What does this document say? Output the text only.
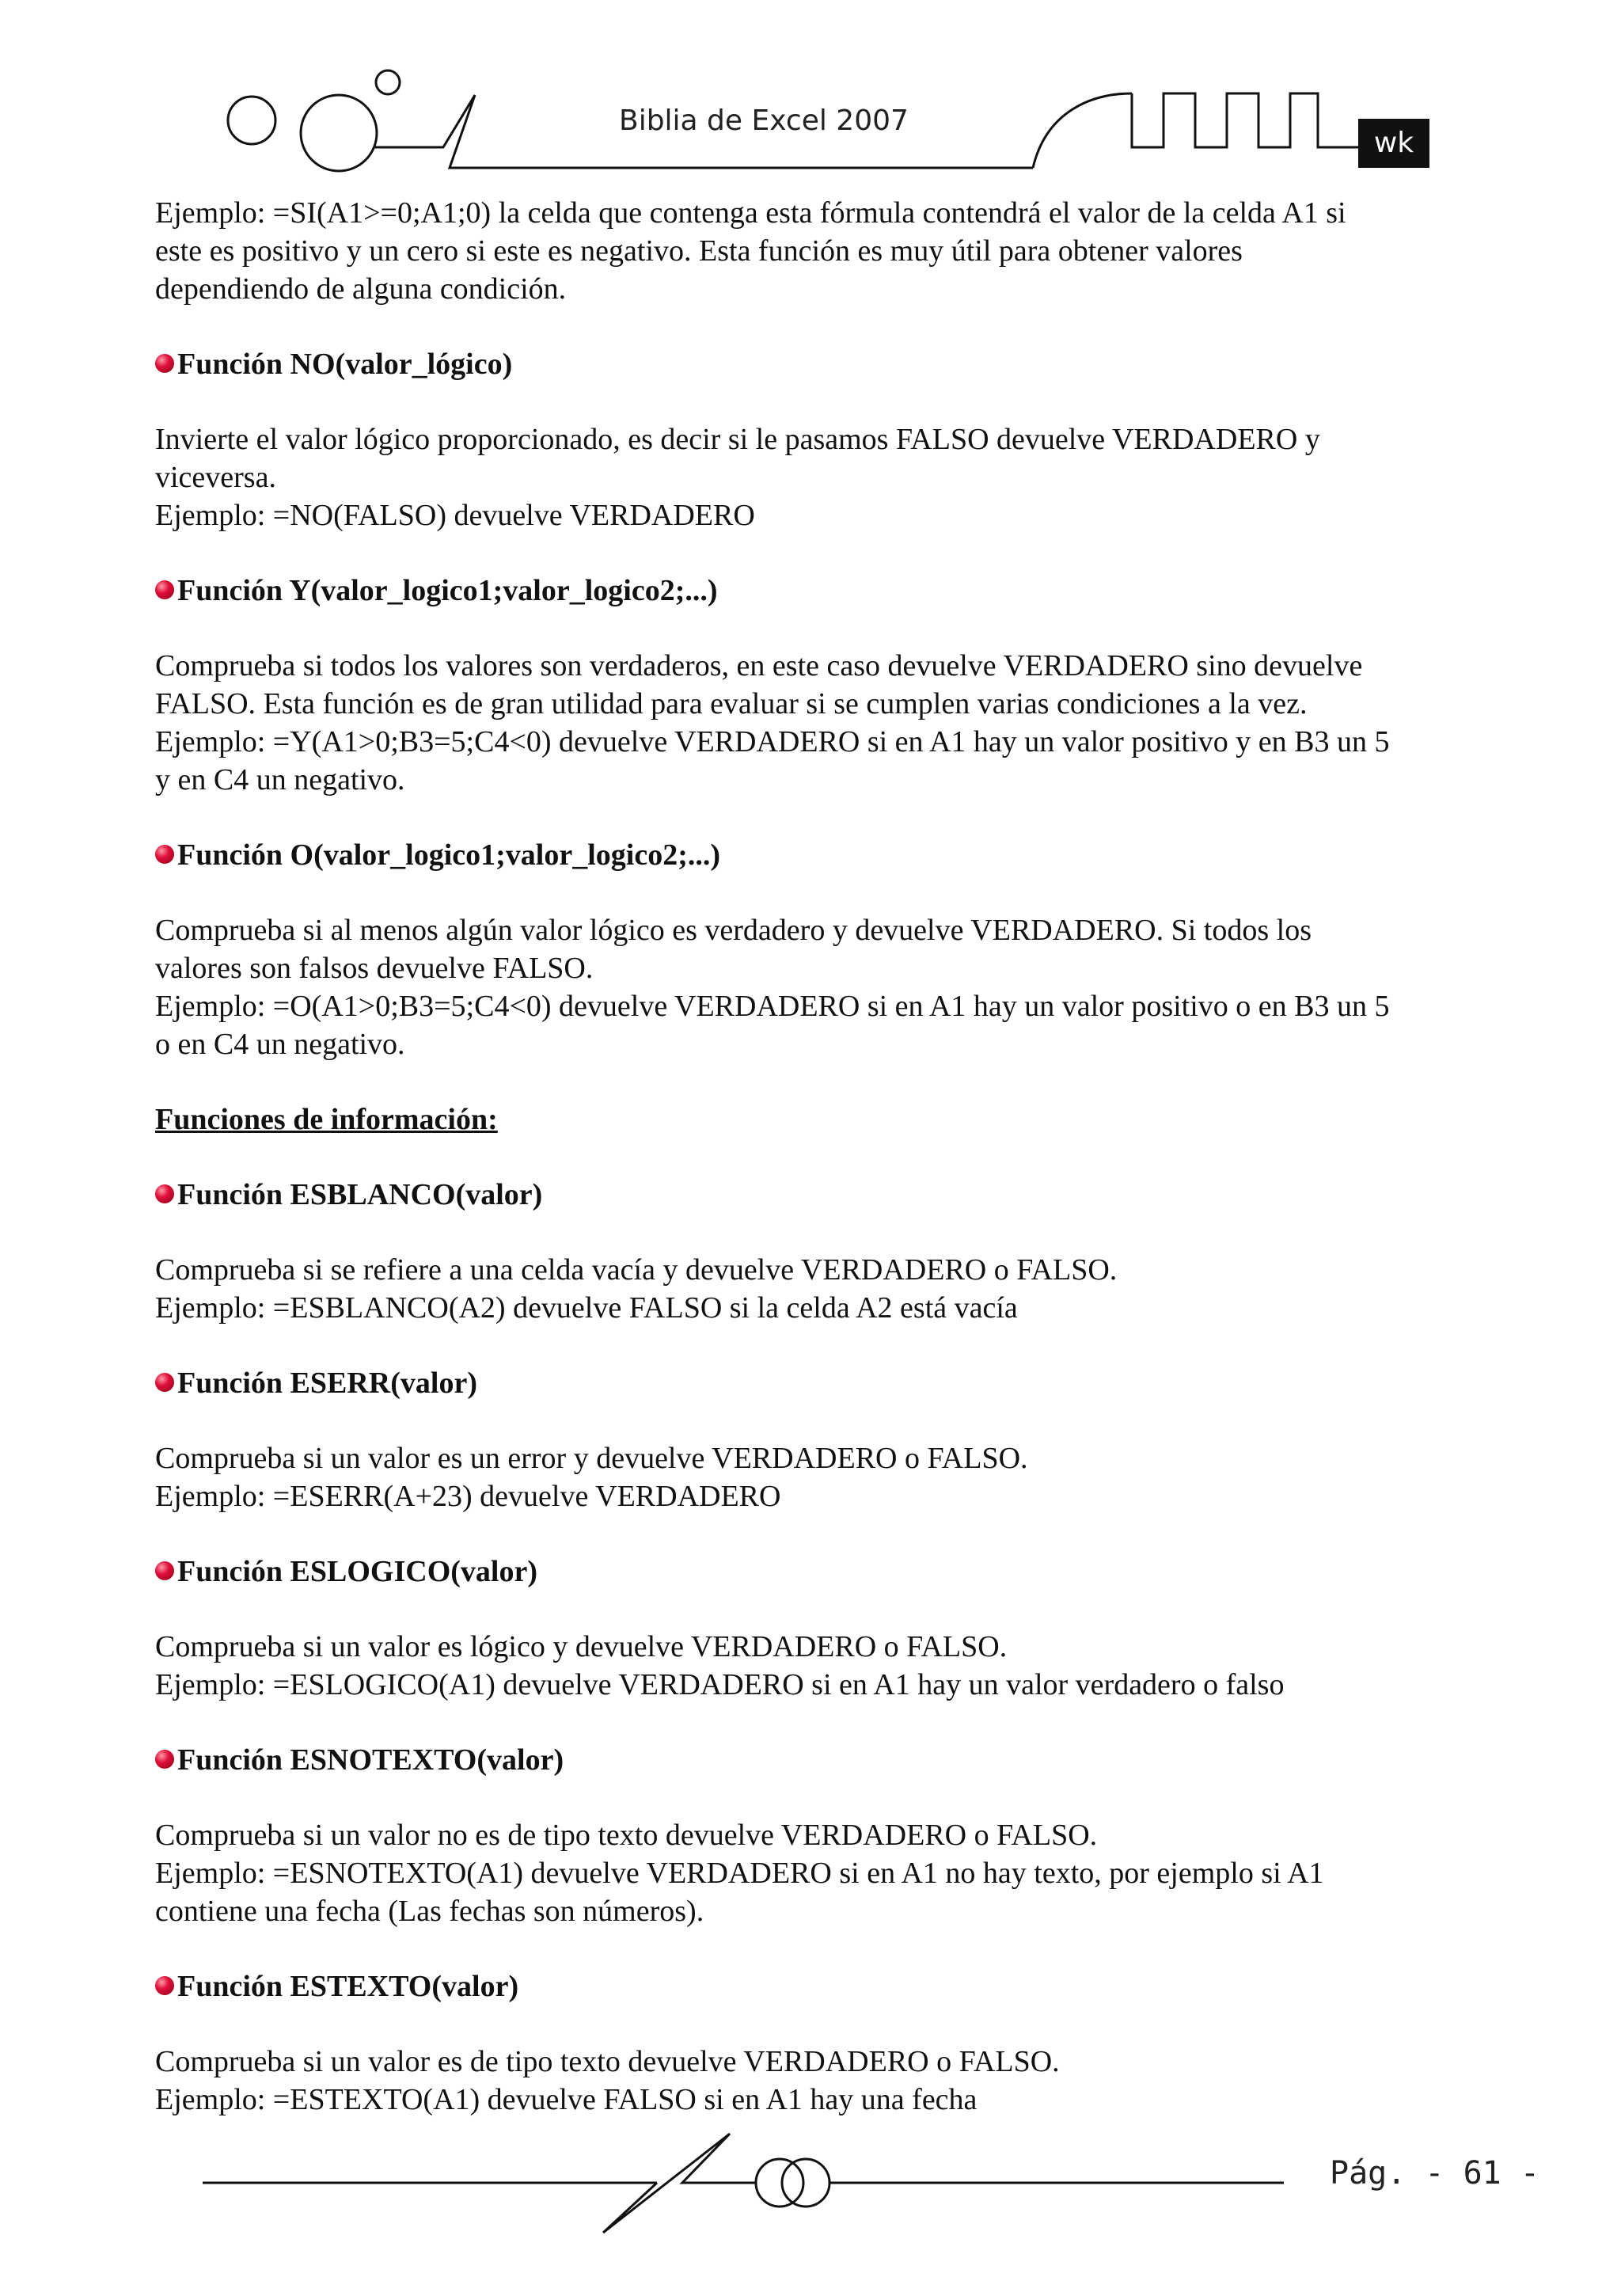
Biblia de Excel 2007
wk
Ejemplo: =SI(A1>=0;A1;0) la celda que contenga esta fórmula contendrá el valor de la celda A1 si
este es positivo y un cero si este es negativo. Esta función es muy útil para obtener valores
dependiendo de alguna condición.
Función NO(valor_lógico)
Invierte el valor lógico proporcionado, es decir si le pasamos FALSO devuelve VERDADERO y
viceversa.
Ejemplo: =NO(FALSO) devuelve VERDADERO
Función Y(valor_logico1;valor_logico2;...)
Comprueba si todos los valores son verdaderos, en este caso devuelve VERDADERO sino devuelve
FALSO. Esta función es de gran utilidad para evaluar si se cumplen varias condiciones a la vez.
Ejemplo: =Y(A1>0;B3=5;C4<0) devuelve VERDADERO si en A1 hay un valor positivo y en B3 un 5
y en C4 un negativo.
Función O(valor_logico1;valor_logico2;...)
Comprueba si al menos algún valor lógico es verdadero y devuelve VERDADERO. Si todos los
valores son falsos devuelve FALSO.
Ejemplo: =O(A1>0;B3=5;C4<0) devuelve VERDADERO si en A1 hay un valor positivo o en B3 un 5
o en C4 un negativo.
Funciones de información:
Función ESBLANCO(valor)
Comprueba si se refiere a una celda vacía y devuelve VERDADERO o FALSO.
Ejemplo: =ESBLANCO(A2) devuelve FALSO si la celda A2 está vacía
Función ESERR(valor)
Comprueba si un valor es un error y devuelve VERDADERO o FALSO.
Ejemplo: =ESERR(A+23) devuelve VERDADERO
Función ESLOGICO(valor)
Comprueba si un valor es lógico y devuelve VERDADERO o FALSO.
Ejemplo: =ESLOGICO(A1) devuelve VERDADERO si en A1 hay un valor verdadero o falso
Función ESNOTEXTO(valor)
Comprueba si un valor no es de tipo texto devuelve VERDADERO o FALSO.
Ejemplo: =ESNOTEXTO(A1) devuelve VERDADERO si en A1 no hay texto, por ejemplo si A1
contiene una fecha (Las fechas son números).
Función ESTEXTO(valor)
Comprueba si un valor es de tipo texto devuelve VERDADERO o FALSO.
Ejemplo: =ESTEXTO(A1) devuelve FALSO si en A1 hay una fecha
Pág. - 61 -
